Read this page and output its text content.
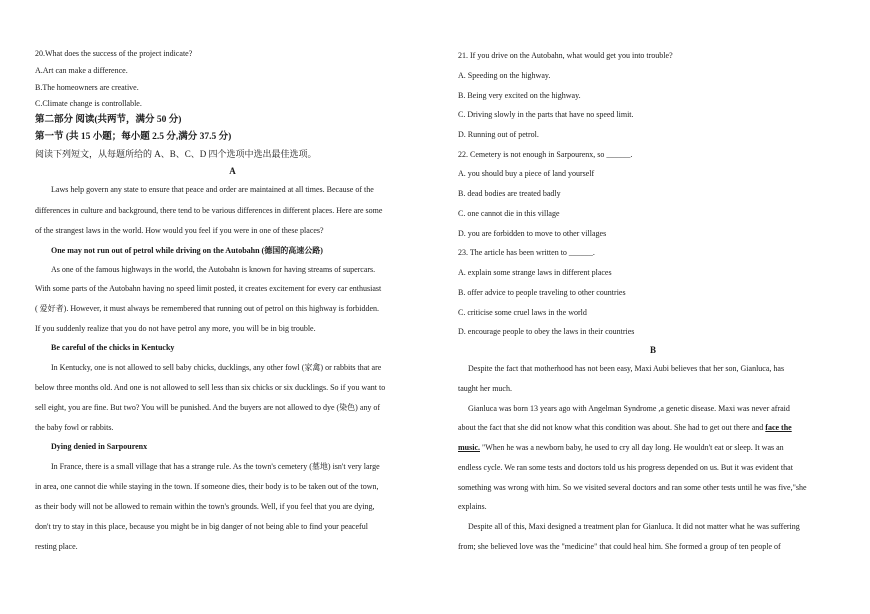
20.What does the success of the project indicate?
A.Art can make a difference.
B.The homeowners are creative.
C.Climate change is controllable.
第二部分 阅读(共两节，满分 50 分)
第一节 (共 15 小题；每小题 2.5 分,满分 37.5 分)
阅读下列短文，从每题所给的 A、B、C、D 四个选项中选出最佳选项。
A
Laws help govern any state to ensure that peace and order are maintained at all times. Because of the
differences in culture and background, there tend to be various differences in different places. Here are some
of the strangest laws in the world. How would you feel if you were in one of these places?
One may not run out of petrol while driving on the Autobahn (德国的高速公路)
As one of the famous highways in the world, the Autobahn is known for having streams of supercars.
With some parts of the Autobahn having no speed limit posted, it creates excitement for every car enthusiast
( 爱好者). However, it must always be remembered that running out of petrol on this highway is forbidden.
If you suddenly realize that you do not have petrol any more, you will be in big trouble.
Be careful of the chicks in Kentucky
In Kentucky, one is not allowed to sell baby chicks, ducklings, any other fowl (家禽) or rabbits that are
below three months old. And one is not allowed to sell less than six chicks or six ducklings. So if you want to
sell eight, you are fine. But two? You will be punished. And the buyers are not allowed to dye (染色) any of
the baby fowl or rabbits.
Dying denied in Sarpourenx
In France, there is a small village that has a strange rule. As the town's cemetery (墓地) isn't very large
in area, one cannot die while staying in the town. If someone dies, their body is to be taken out of the town,
as their body will not be allowed to remain within the town's grounds. Well, if you feel that you are dying,
don't try to stay in this place, because you might be in big danger of not being able to find your peaceful
resting place.
21. If you drive on the Autobahn, what would get you into trouble?
A. Speeding on the highway.
B. Being very excited on the highway.
C. Driving slowly in the parts that have no speed limit.
D. Running out of petrol.
22. Cemetery is not enough in Sarpourenx, so ______.
A. you should buy a piece of land yourself
B. dead bodies are treated badly
C. one cannot die in this village
D. you are forbidden to move to other villages
23. The article has been written to ______.
A. explain some strange laws in different places
B. offer advice to people traveling to other countries
C. criticise some cruel laws in the world
D. encourage people to obey the laws in their countries
B
Despite the fact that motherhood has not been easy, Maxi Aubi believes that her son, Gianluca, has
taught her much.
Gianluca was born 13 years ago with Angelman Syndrome ,a genetic disease. Maxi was never afraid
about the fact that she did not know what this condition was about. She had to get out there and face the
music. "When he was a newborn baby, he used to cry all day long. He wouldn't eat or sleep. It was an
endless cycle. We ran some tests and doctors told us his progress depended on us. But it was evident that
something was wrong with him. So we visited several doctors and ran some other tests until he was five,"she
explains.
Despite all of this, Maxi designed a treatment plan for Gianluca. It did not matter what he was suffering
from; she believed love was the "medicine" that could heal him. She formed a group of ten people of
